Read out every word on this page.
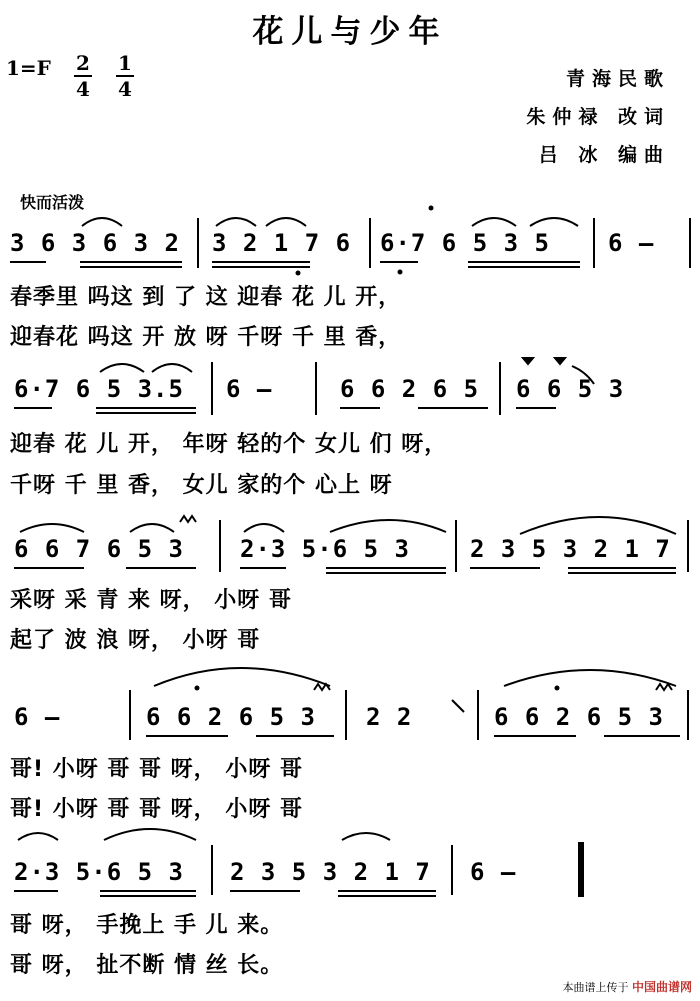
花儿与少年
1=F 2
4
1
4	青海民歌
朱仲禄 改词
吕 冰 编曲
快而活泼
3 6 3 6 3 2 3 2 1 7 6 6·7 6 5 3 5 6 —
春季里 吗这 到 了 这 迎春 花 儿 开，
迎春花 吗这 开 放 呀 千呀 千 里 香，
6·7 6 5 3.5 6 —	6 6 2 6 5 6 6 5 3
迎春 花 儿 开， 年呀 轻的个 女儿 们 呀，
千呀 千 里 香， 女儿 家的个 心上 呀
6 6 7 6 5 3 2·3 5·6 5 3	2 3 5 3 2 1 7
采呀 采 青 来 呀， 小呀 哥
起了 波 浪 呀， 小呀 哥
6 —	6 6 2 6 5 3 2 2	6 6 2 6 5 3
哥! 小呀 哥 哥 呀， 小呀 哥
哥! 小呀 哥 哥 呀， 小呀 哥
2·3 5·6 5 3 2 3 5 3 2 1 7 6 —
哥 呀， 手挽上 手 儿 来。
哥 呀， 扯不断 情 丝 长。
本曲谱上传于 中国曲谱网
